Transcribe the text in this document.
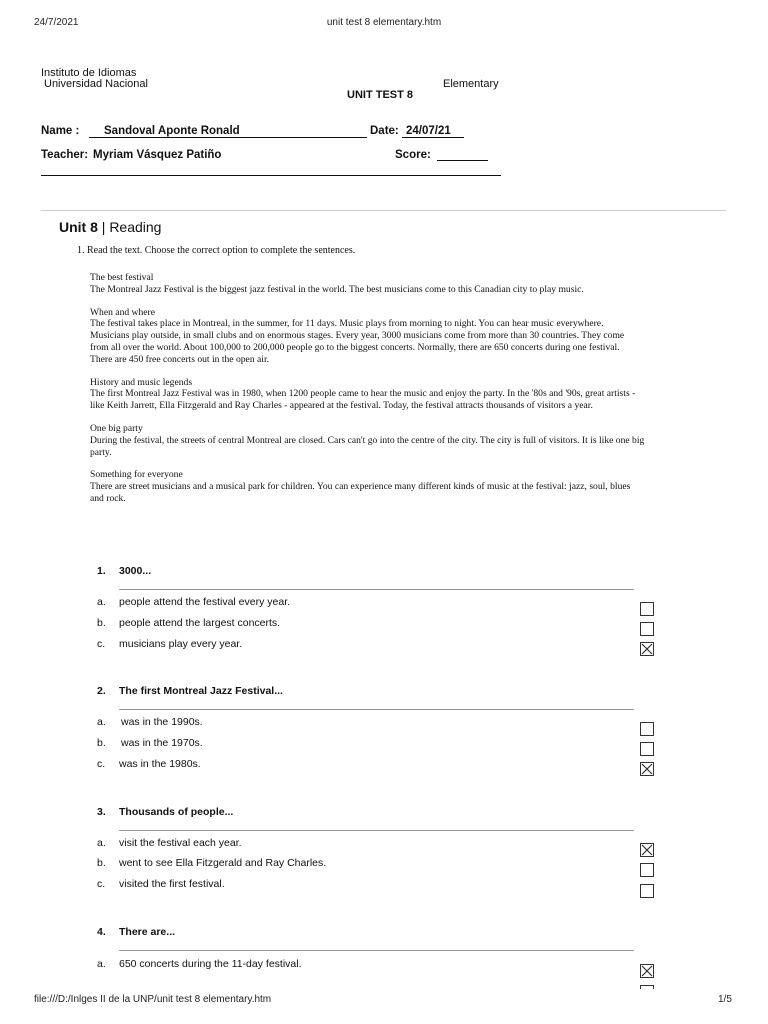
24/7/2021	unit test 8 elementary.htm
Instituto de Idiomas
Universidad Nacional	Elementary
UNIT TEST 8
Name : Sandoval Aponte Ronald	Date: 24/07/21
Teacher: Myriam Vásquez Patiño	Score:
Unit 8 | Reading
1. Read the text. Choose the correct option to complete the sentences.
The best festival
The Montreal Jazz Festival is the biggest jazz festival in the world. The best musicians come to this Canadian city to play music.
When and where
The festival takes place in Montreal, in the summer, for 11 days. Music plays from morning to night. You can hear music everywhere.
Musicians play outside, in small clubs and on enormous stages. Every year, 3000 musicians come from more than 30 countries. They come
from all over the world. About 100,000 to 200,000 people go to the biggest concerts. Normally, there are 650 concerts during one festival.
There are 450 free concerts out in the open air.
History and music legends
The first Montreal Jazz Festival was in 1980, when 1200 people came to hear the music and enjoy the party. In the '80s and '90s, great artists -
like Keith Jarrett, Ella Fitzgerald and Ray Charles - appeared at the festival. Today, the festival attracts thousands of visitors a year.
One big party
During the festival, the streets of central Montreal are closed. Cars can't go into the centre of the city. The city is full of visitors. It is like one big
party.
Something for everyone
There are street musicians and a musical park for children. You can experience many different kinds of music at the festival: jazz, soul, blues
and rock.
1. 3000...
a. people attend the festival every year.
b. people attend the largest concerts.
c. musicians play every year.
2. The first Montreal Jazz Festival...
a. was in the 1990s.
b. was in the 1970s.
c. was in the 1980s.
3. Thousands of people...
a. visit the festival each year.
b. went to see Ella Fitzgerald and Ray Charles.
c. visited the first festival.
4. There are...
a. 650 concerts during the 11-day festival.
file:///D:/Inlges II de la UNP/unit test 8 elementary.htm	1/5
